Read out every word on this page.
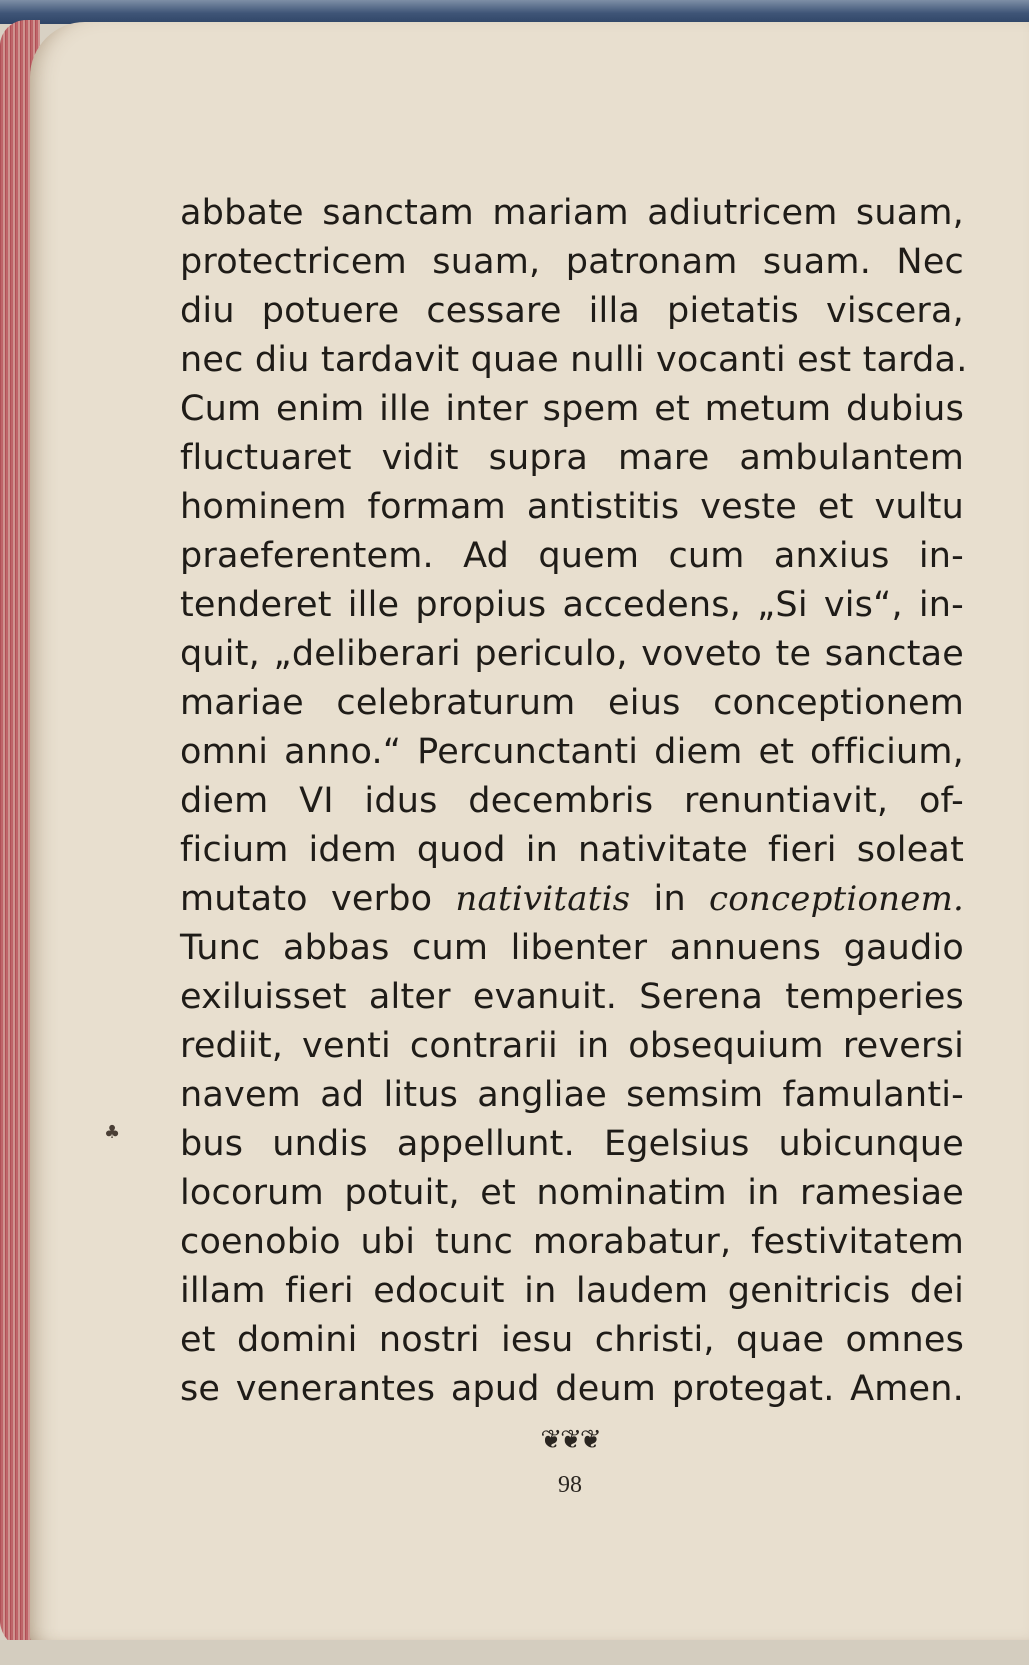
abbate sanctam mariam adiutricem suam,
protectricem suam, patronam suam. Nec
diu potuere cessare illa pietatis viscera,
nec diu tardavit quae nulli vocanti est tarda.
Cum enim ille inter spem et metum dubius
fluctuaret vidit supra mare ambulantem
hominem formam antistitis veste et vultu
praeferentem. Ad quem cum anxius in-
tenderet ille propius accedens, „Si vis“, in-
quit, „deliberari periculo, voveto te sanctae
mariae celebraturum eius conceptionem
omni anno.“ Percunctanti diem et officium,
diem VI idus decembris renuntiavit, of-
ficium idem quod in nativitate fieri soleat
mutato verbo nativitatis in conceptionem.
Tunc abbas cum libenter annuens gaudio
exiluisset alter evanuit. Serena temperies
rediit, venti contrarii in obsequium reversi
navem ad litus angliae semsim famulanti-
bus undis appellunt. Egelsius ubicunque
locorum potuit, et nominatim in ramesiae
coenobio ubi tunc morabatur, festivitatem
illam fieri edocuit in laudem genitricis dei
et domini nostri iesu christi, quae omnes
se venerantes apud deum protegat. Amen.
♣
❦❦❦
98
